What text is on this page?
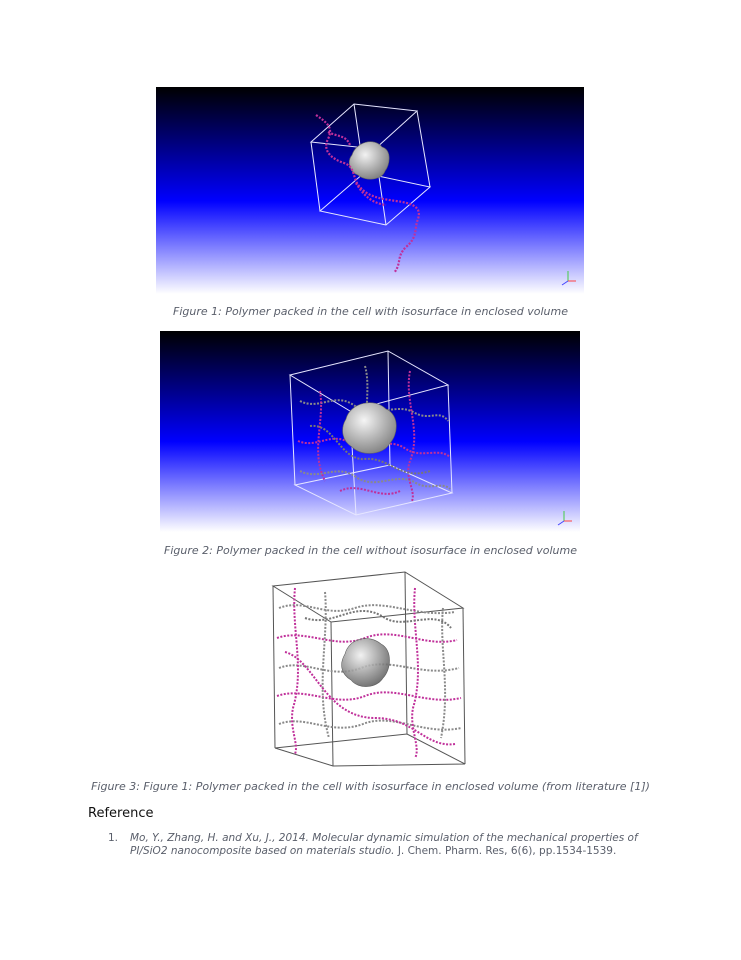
Figure 1: Polymer packed in the cell with isosurface in enclosed volume
Figure 2: Polymer packed in the cell without isosurface in enclosed volume
Figure 3: Figure 1: Polymer packed in the cell with isosurface in enclosed volume (from literature [1])
Reference
1. Mo, Y., Zhang, H. and Xu, J., 2014. Molecular dynamic simulation of the mechanical properties of PI/SiO2 nanocomposite based on materials studio. J. Chem. Pharm. Res, 6(6), pp.1534-1539.
